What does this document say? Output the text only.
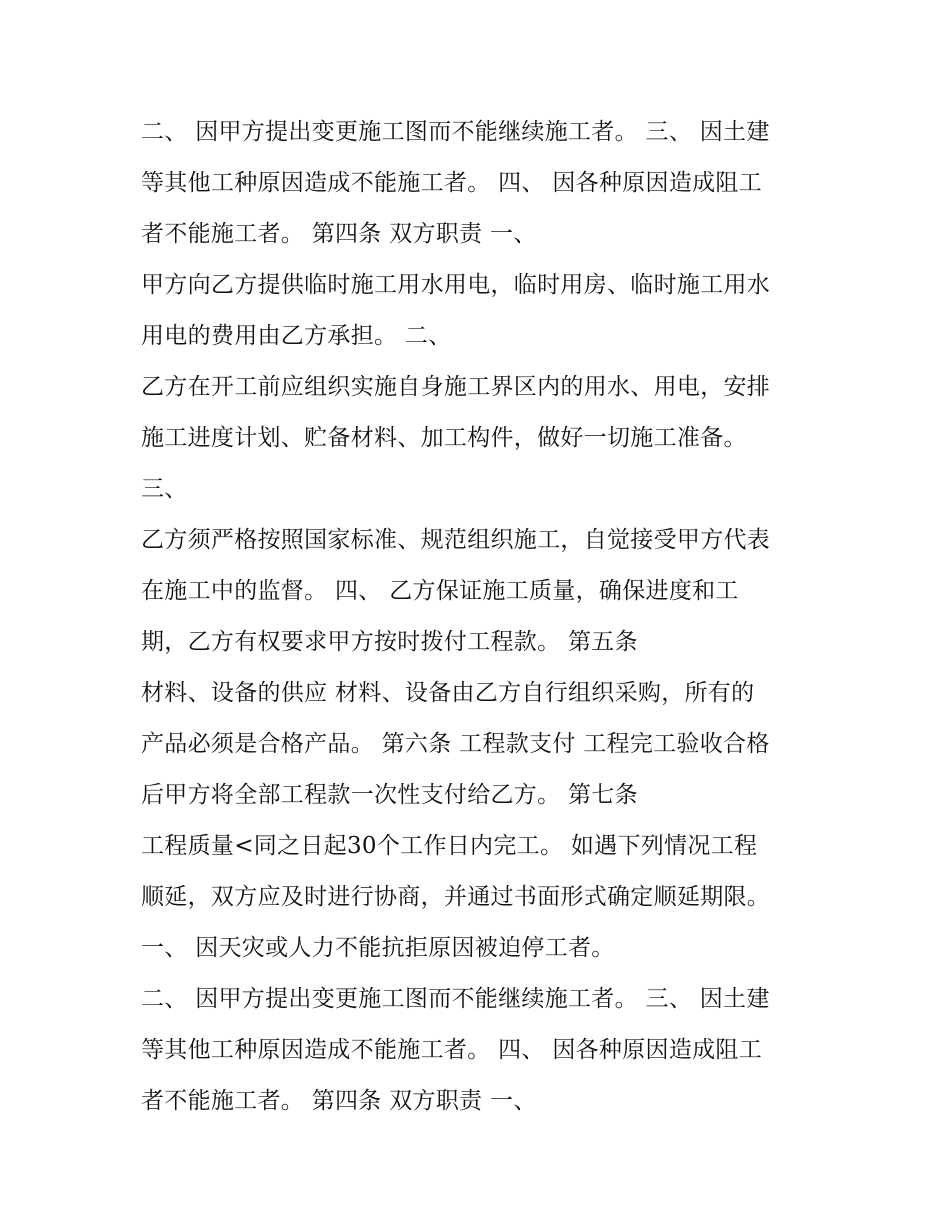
二、 因甲方提出变更施工图而不能继续施工者。 三、 因土建
等其他工种原因造成不能施工者。 四、 因各种原因造成阻工
者不能施工者。 第四条 双方职责 一、
甲方向乙方提供临时施工用水用电，临时用房、临时施工用水
用电的费用由乙方承担。 二、
乙方在开工前应组织实施自身施工界区内的用水、用电，安排
施工进度计划、贮备材料、加工构件，做好一切施工准备。
三、
乙方须严格按照国家标准、规范组织施工，自觉接受甲方代表
在施工中的监督。 四、 乙方保证施工质量，确保进度和工
期，乙方有权要求甲方按时拨付工程款。 第五条
材料、设备的供应 材料、设备由乙方自行组织采购，所有的
产品必须是合格产品。 第六条 工程款支付 工程完工验收合格
后甲方将全部工程款一次性支付给乙方。 第七条
工程质量<同之日起30个工作日内完工。 如遇下列情况工程
顺延，双方应及时进行协商，并通过书面形式确定顺延期限。
一、 因天灾或人力不能抗拒原因被迫停工者。
二、 因甲方提出变更施工图而不能继续施工者。 三、 因土建
等其他工种原因造成不能施工者。 四、 因各种原因造成阻工
者不能施工者。 第四条 双方职责 一、
